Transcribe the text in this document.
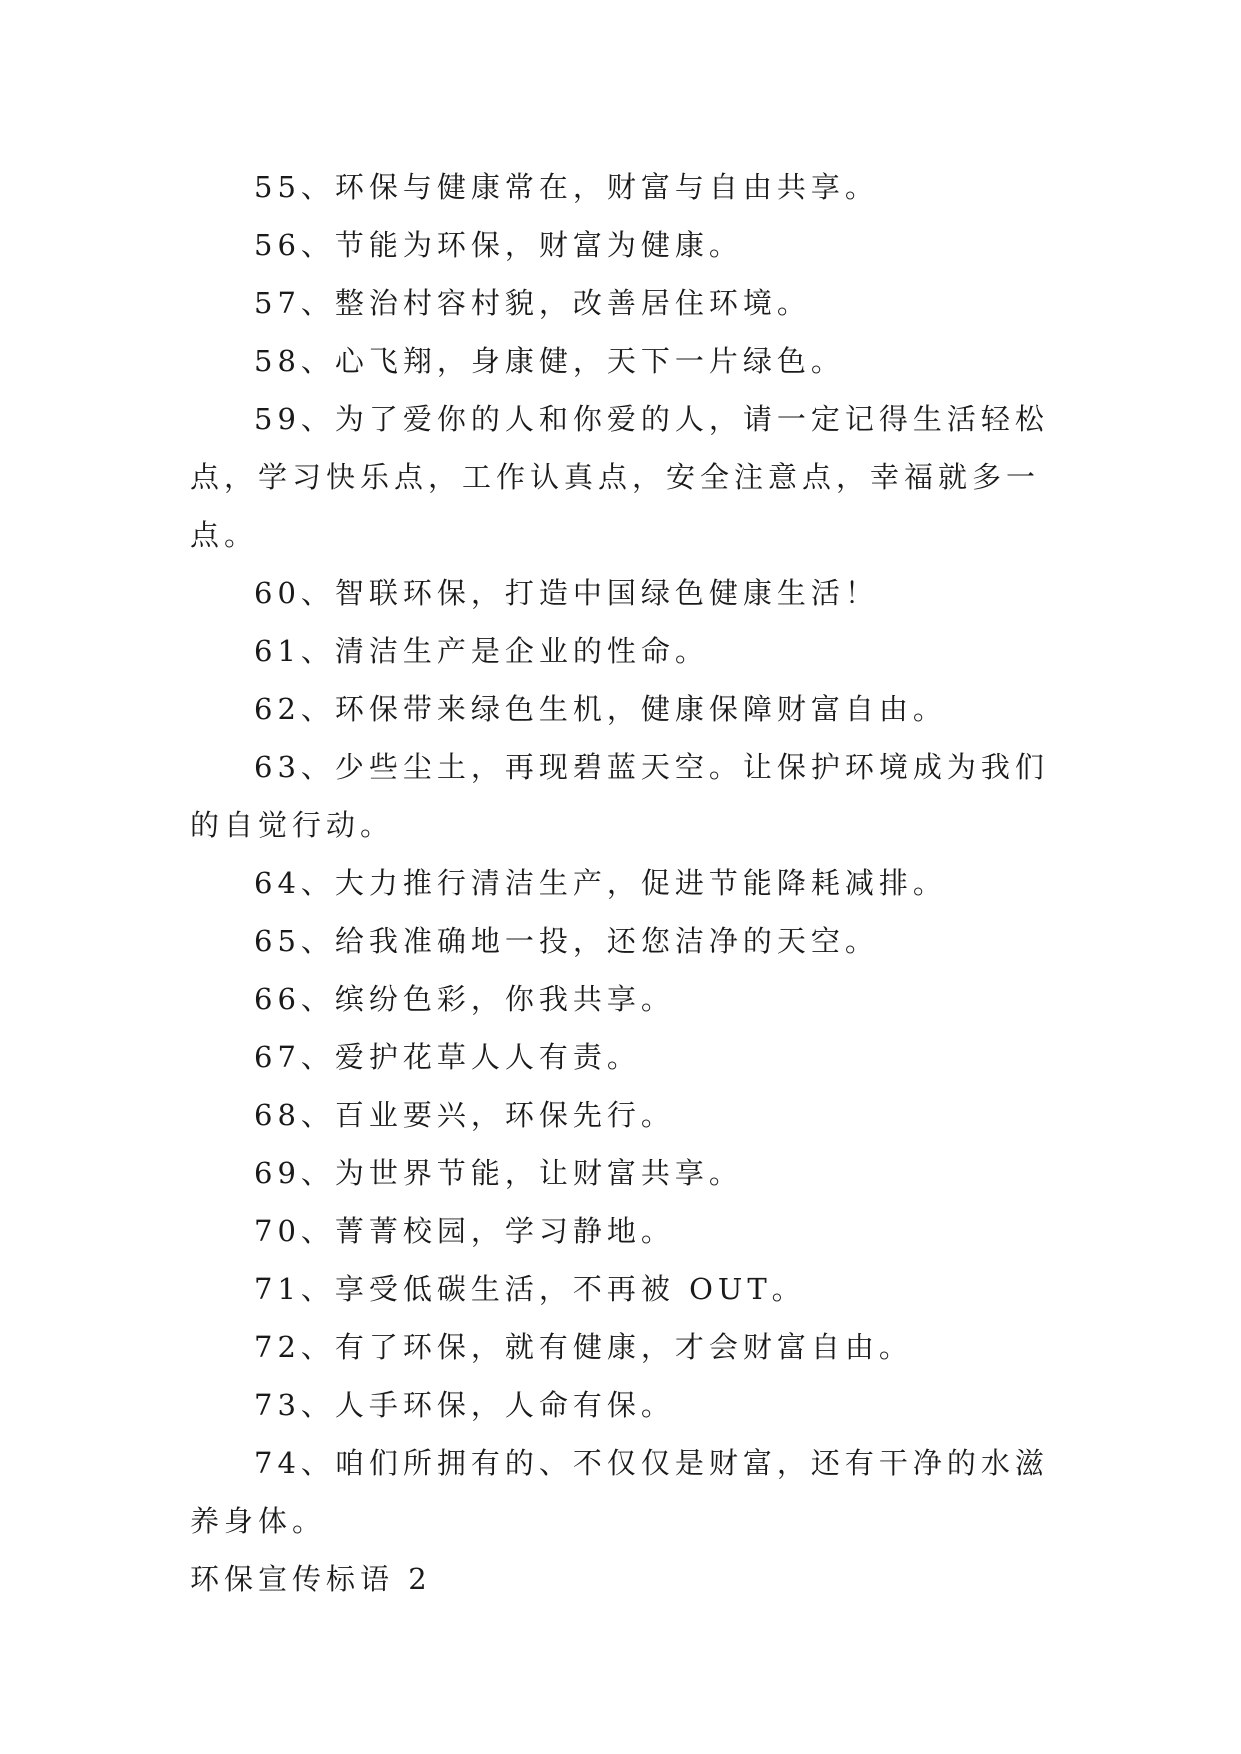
55、环保与健康常在，财富与自由共享。

56、节能为环保，财富为健康。

57、整治村容村貌，改善居住环境。

58、心飞翔，身康健，天下一片绿色。

59、为了爱你的人和你爱的人，请一定记得生活轻松点，学习快乐点，工作认真点，安全注意点，幸福就多一点。

60、智联环保，打造中国绿色健康生活！

61、清洁生产是企业的性命。

62、环保带来绿色生机，健康保障财富自由。

63、少些尘土，再现碧蓝天空。让保护环境成为我们的自觉行动。

64、大力推行清洁生产，促进节能降耗减排。

65、给我准确地一投，还您洁净的天空。

66、缤纷色彩，你我共享。

67、爱护花草人人有责。

68、百业要兴，环保先行。

69、为世界节能，让财富共享。

70、菁菁校园，学习静地。

71、享受低碳生活，不再被 OUT。

72、有了环保，就有健康，才会财富自由。

73、人手环保，人命有保。

74、咱们所拥有的、不仅仅是财富，还有干净的水滋养身体。

环保宣传标语 2
